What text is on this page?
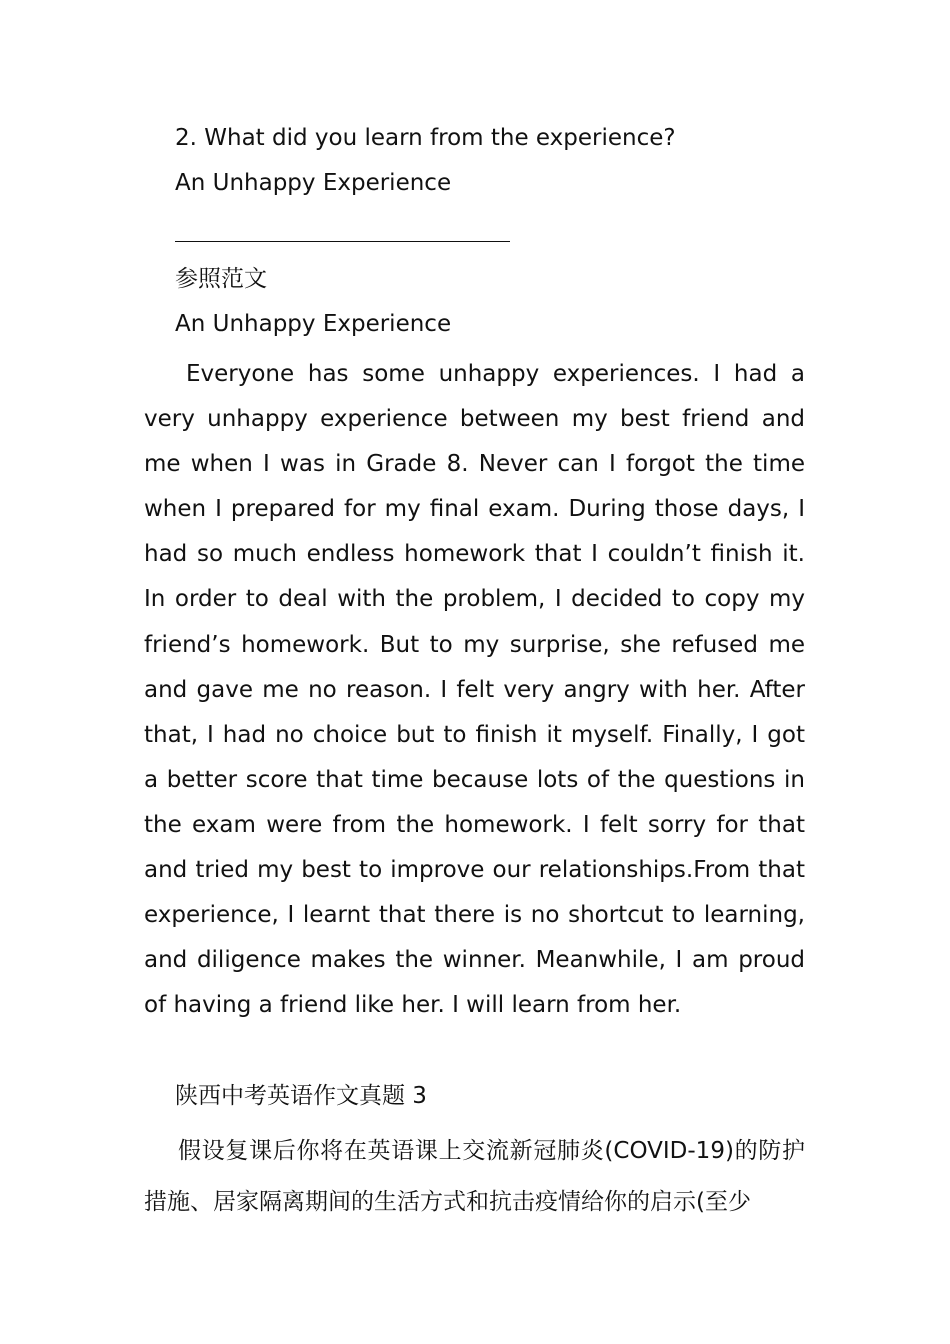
2. What did you learn from the experience?
An Unhappy Experience
参照范文
An Unhappy Experience

Everyone has some unhappy experiences. I had a very unhappy experience between my best friend and me when I was in Grade 8. Never can I forgot the time when I prepared for my final exam. During those days, I had so much endless homework that I couldn’t finish it. In order to deal with the problem, I decided to copy my friend’s homework. But to my surprise, she refused me and gave me no reason. I felt very angry with her. After that, I had no choice but to finish it myself. Finally, I got a better score that time because lots of the questions in the exam were from the homework. I felt sorry for that and tried my best to improve our relationships.From that experience, I learnt that there is no shortcut to learning, and diligence makes the winner. Meanwhile, I am proud of having a friend like her. I will learn from her.

陕西中考英语作文真题 3

假设复课后你将在英语课上交流新冠肺炎(COVID-19)的防护措施、居家隔离期间的生活方式和抗击疫情给你的启示(至少
